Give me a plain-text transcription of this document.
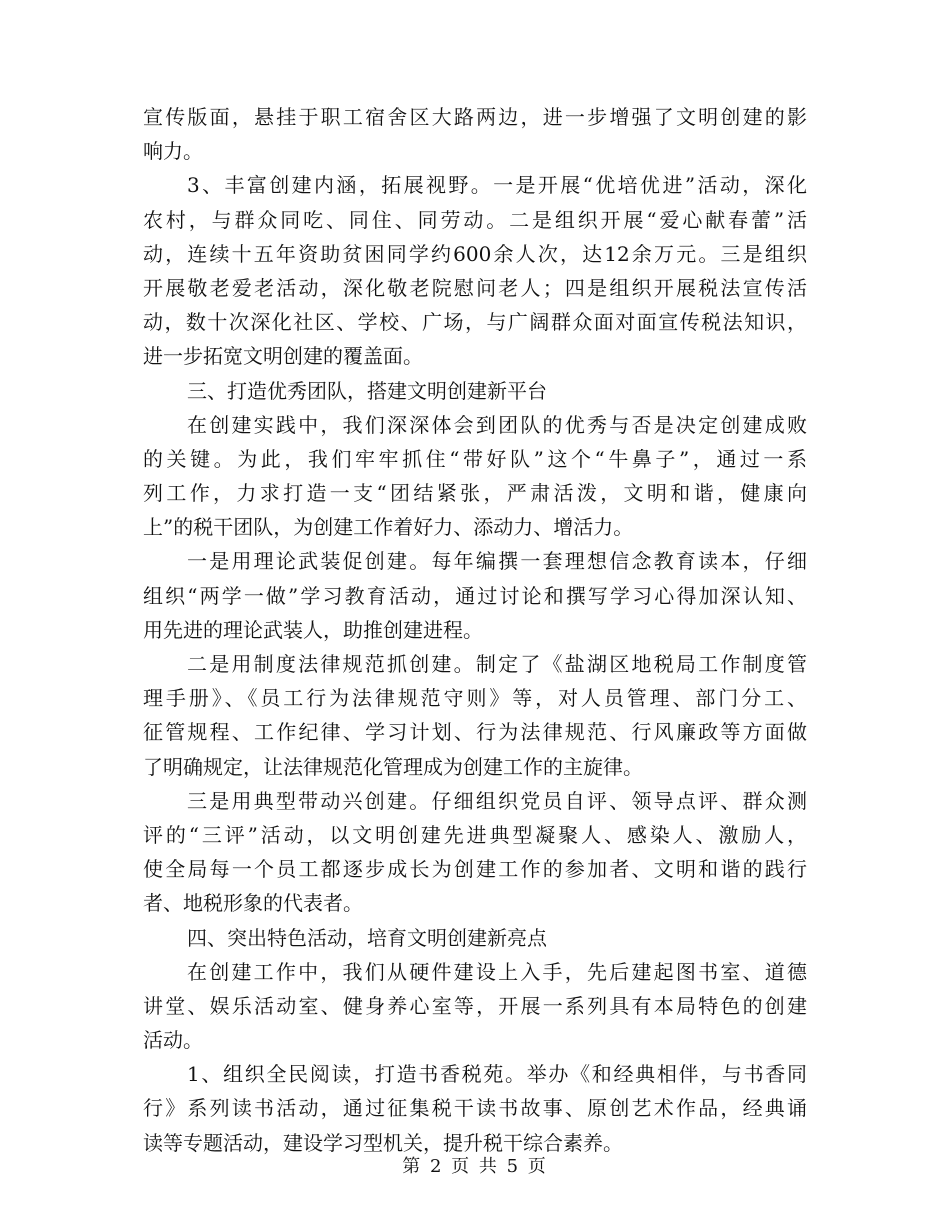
宣传版面，悬挂于职工宿舍区大路两边，进一步增强了文明创建的影
响力。
3、丰富创建内涵，拓展视野。一是开展“优培优进”活动，深化
农村，与群众同吃、同住、同劳动。二是组织开展“爱心献春蕾”活
动，连续十五年资助贫困同学约600余人次，达12余万元。三是组织
开展敬老爱老活动，深化敬老院慰问老人；四是组织开展税法宣传活
动，数十次深化社区、学校、广场，与广阔群众面对面宣传税法知识，
进一步拓宽文明创建的覆盖面。
三、打造优秀团队，搭建文明创建新平台
在创建实践中，我们深深体会到团队的优秀与否是决定创建成败
的关键。为此，我们牢牢抓住“带好队”这个“牛鼻子”，通过一系
列工作，力求打造一支“团结紧张，严肃活泼，文明和谐，健康向
上”的税干团队，为创建工作着好力、添动力、增活力。
一是用理论武装促创建。每年编撰一套理想信念教育读本，仔细
组织“两学一做”学习教育活动，通过讨论和撰写学习心得加深认知、
用先进的理论武装人，助推创建进程。
二是用制度法律规范抓创建。制定了《盐湖区地税局工作制度管
理手册》、《员工行为法律规范守则》等，对人员管理、部门分工、
征管规程、工作纪律、学习计划、行为法律规范、行风廉政等方面做
了明确规定，让法律规范化管理成为创建工作的主旋律。
三是用典型带动兴创建。仔细组织党员自评、领导点评、群众测
评的“三评”活动，以文明创建先进典型凝聚人、感染人、激励人，
使全局每一个员工都逐步成长为创建工作的参加者、文明和谐的践行
者、地税形象的代表者。
四、突出特色活动，培育文明创建新亮点
在创建工作中，我们从硬件建设上入手，先后建起图书室、道德
讲堂、娱乐活动室、健身养心室等，开展一系列具有本局特色的创建
活动。
1、组织全民阅读，打造书香税苑。举办《和经典相伴，与书香同
行》系列读书活动，通过征集税干读书故事、原创艺术作品，经典诵
读等专题活动，建设学习型机关，提升税干综合素养。
第 2 页 共 5 页
